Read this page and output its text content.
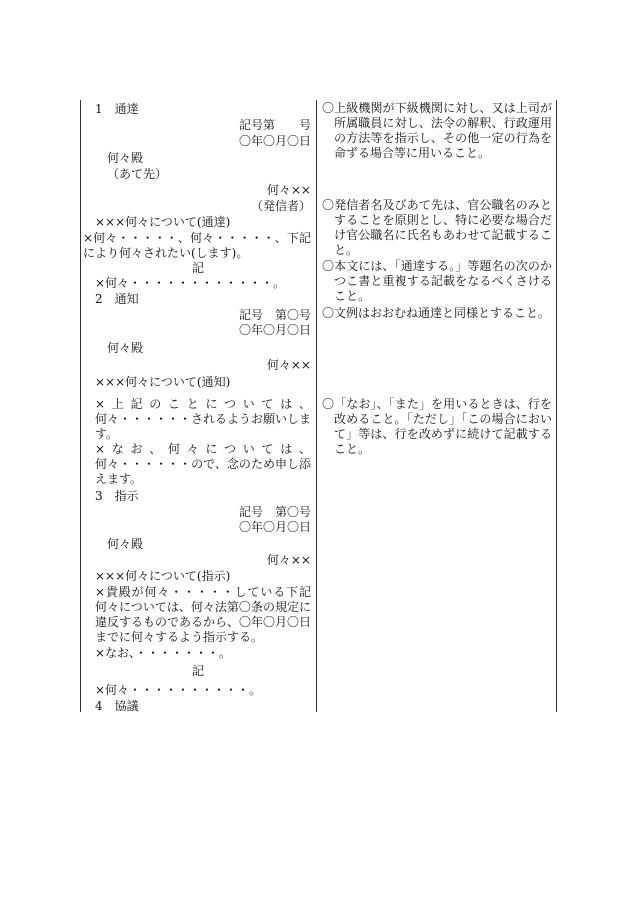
1　通達
記号第　　号
〇年〇月〇日
何々殿
（あて先）
何々××
（発信者）
×××何々について(通達)
×何々・・・・・、何々・・・・・、下記
により何々されたい(します)。
記
×何々・・・・・・・・・・・・。
2　通知
記号　第〇号
〇年〇月〇日
何々殿
何々××
×××何々について(通知)
×上記のことについては、
何々・・・・・・されるようお願いしま
す。
×なお、何々については、
何々・・・・・・ので、念のため申し添
えます。
3　指示
記号　第〇号
〇年〇月〇日
何々殿
何々××
×××何々について(指示)
×貴殿が何々・・・・・している下記
何々については、何々法第〇条の規定に
違反するものであるから、〇年〇月〇日
までに何々するよう指示する。
×なお、・・・・・・・。
記
×何々・・・・・・・・・・。
4　協議
〇上級機関が下級機関に対し、又は上司が
所属職員に対し、法令の解釈、行政運用
の方法等を指示し、その他一定の行為を
命ずる場合等に用いること。
〇発信者名及びあて先は、官公職名のみと
することを原則とし、特に必要な場合だ
け官公職名に氏名もあわせて記載するこ
と。
〇本文には、「通達する。」等題名の次のか
つこ書と重複する記載をなるべくさける
こと。
〇文例はおおむね通達と同様とすること。
〇「なお」、「また」を用いるときは、行を
改めること。「ただし」「この場合におい
て」等は、行を改めずに続けて記載する
こと。
